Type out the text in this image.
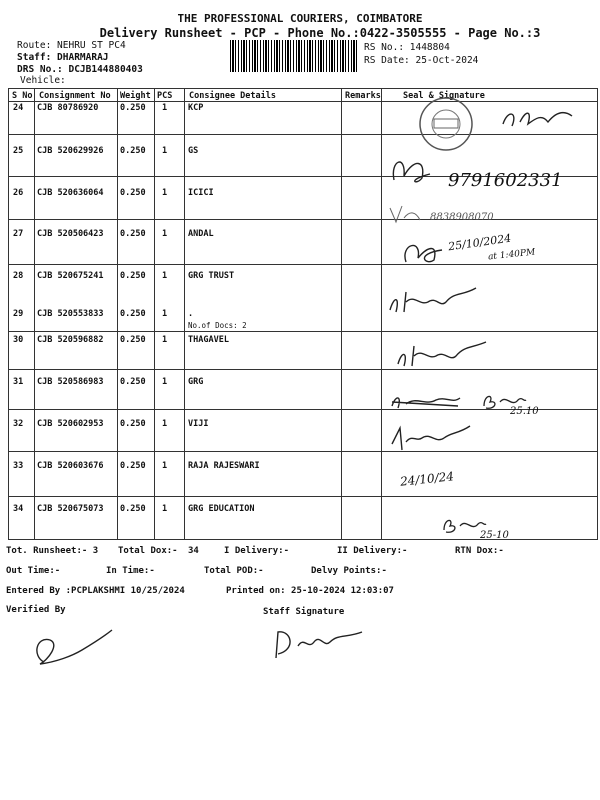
THE PROFESSIONAL COURIERS, COIMBATORE
Delivery Runsheet - PCP - Phone No.:0422-3505555 - Page No.:3
Route: NEHRU ST PC4
Staff: DHARMARAJ
DRS No.: DCJB144880403
Vehicle:
RS No.: 1448804
RS Date: 25-Oct-2024
S No Consignment No Weight PCS Consignee Details	Remarks	Seal & Signature
24 CJB 80786920	0.250 1 KCP
25 CJB 520629926 0.250 1 GS
26 CJB 520636064 0.250 1 ICICI
27 CJB 520506423 0.250 1 ANDAL
28 CJB 520675241 0.250 1 GRG TRUST
29 CJB 520553833 0.250 1 .
No.of Docs: 2
30 CJB 520596882 0.250 1 THAGAVEL
31 CJB 520586983 0.250 1 GRG
32 CJB 520602953 0.250 1 VIJI
33 CJB 520603676 0.250 1 RAJA RAJESWARI
34 CJB 520675073 0.250 1 GRG EDUCATION
9791602331
8838908070
25/10/2024
at 1:40PM
25.10
24/10/24
25-10
Tot. Runsheet:- 3 Total Dox:- 34	I Delivery:-	II Delivery:-	RTN Dox:-
Out Time:-	In Time:-	Total POD:-	Delvy Points:-
Entered By :PCPLAKSHMI 10/25/2024	Printed on: 25-10-2024 12:03:07
Verified By	Staff Signature
